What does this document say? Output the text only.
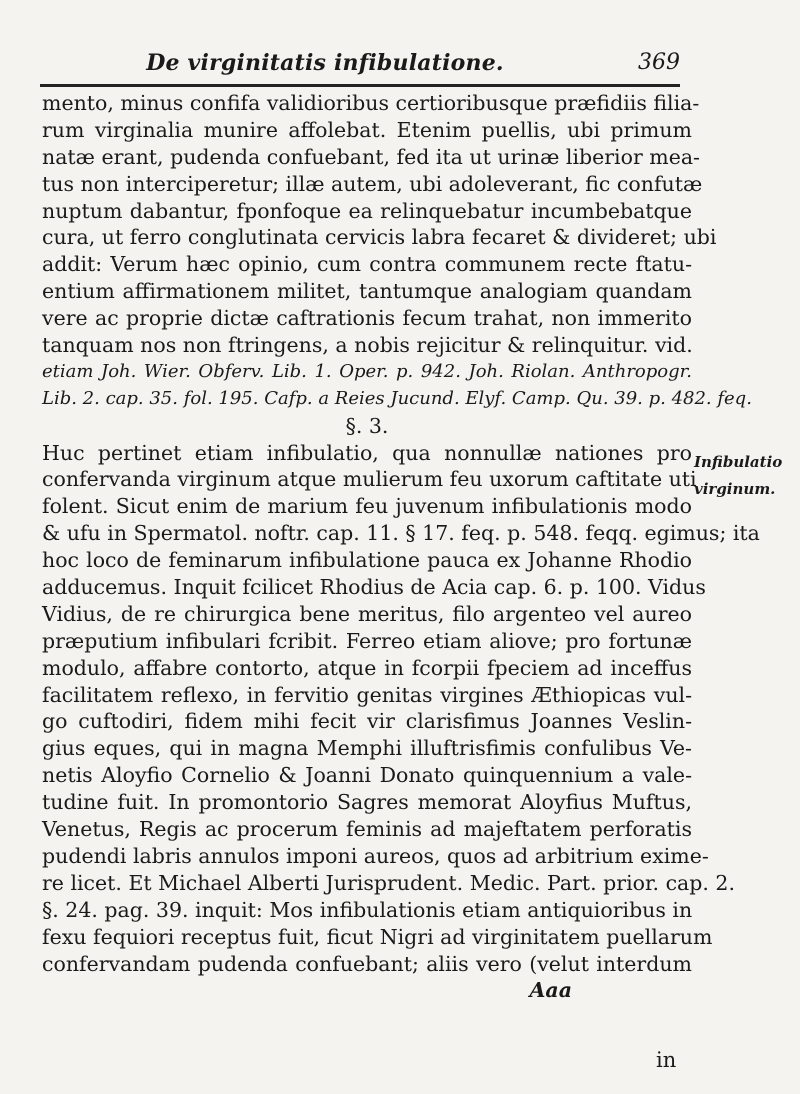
De virginitatis infibulatione.	369
mento, minus confifa validioribus certioribusque præfidiis filia-
rum virginalia munire affolebat. Etenim puellis, ubi primum
natæ erant, pudenda confuebant, fed ita ut urinæ liberior mea-
tus non interciperetur; illæ autem, ubi adoleverant, fic confutæ
nuptum dabantur, fponfoque ea relinquebatur incumbebatque
cura, ut ferro conglutinata cervicis labra fecaret & divideret; ubi
addit: Verum hæc opinio, cum contra communem recte ftatu-
entium affirmationem militet, tantumque analogiam quandam
vere ac proprie dictæ caftrationis fecum trahat, non immerito
tanquam nos non ftringens, a nobis rejicitur & relinquitur. vid.
etiam Joh. Wier. Obferv. Lib. 1. Oper. p. 942. Joh. Riolan. Anthropogr.
Lib. 2. cap. 35. fol. 195. Cafp. a Reies Jucund. Elyf. Camp. Qu. 39. p. 482. feq.
§. 3.
Huc pertinet etiam infibulatio, qua nonnullæ nationes pro
confervanda virginum atque mulierum feu uxorum caftitate uti
folent. Sicut enim de marium feu juvenum infibulationis modo
& ufu in Spermatol. noftr. cap. 11. § 17. feq. p. 548. feqq. egimus; ita
hoc loco de feminarum infibulatione pauca ex Johanne Rhodio
adducemus. Inquit fcilicet Rhodius de Acia cap. 6. p. 100. Vidus
Vidius, de re chirurgica bene meritus, filo argenteo vel aureo
præputium infibulari fcribit. Ferreo etiam aliove; pro fortunæ
modulo, affabre contorto, atque in fcorpii fpeciem ad inceffus
facilitatem reflexo, in fervitio genitas virgines Æthiopicas vul-
go cuftodiri, fidem mihi fecit vir clarisfimus Joannes Veslin-
gius eques, qui in magna Memphi illuftrisfimis confulibus Ve-
netis Aloyfio Cornelio & Joanni Donato quinquennium a vale-
tudine fuit. In promontorio Sagres memorat Aloyfius Muftus,
Venetus, Regis ac procerum feminis ad majeftatem perforatis
pudendi labris annulos imponi aureos, quos ad arbitrium exime-
re licet. Et Michael Alberti Jurisprudent. Medic. Part. prior. cap. 2.
§. 24. pag. 39. inquit: Mos infibulationis etiam antiquioribus in
fexu fequiori receptus fuit, ficut Nigri ad virginitatem puellarum
confervandam pudenda confuebant; aliis vero (velut interdum
Aaa
Infibulatio
virginum.
in
